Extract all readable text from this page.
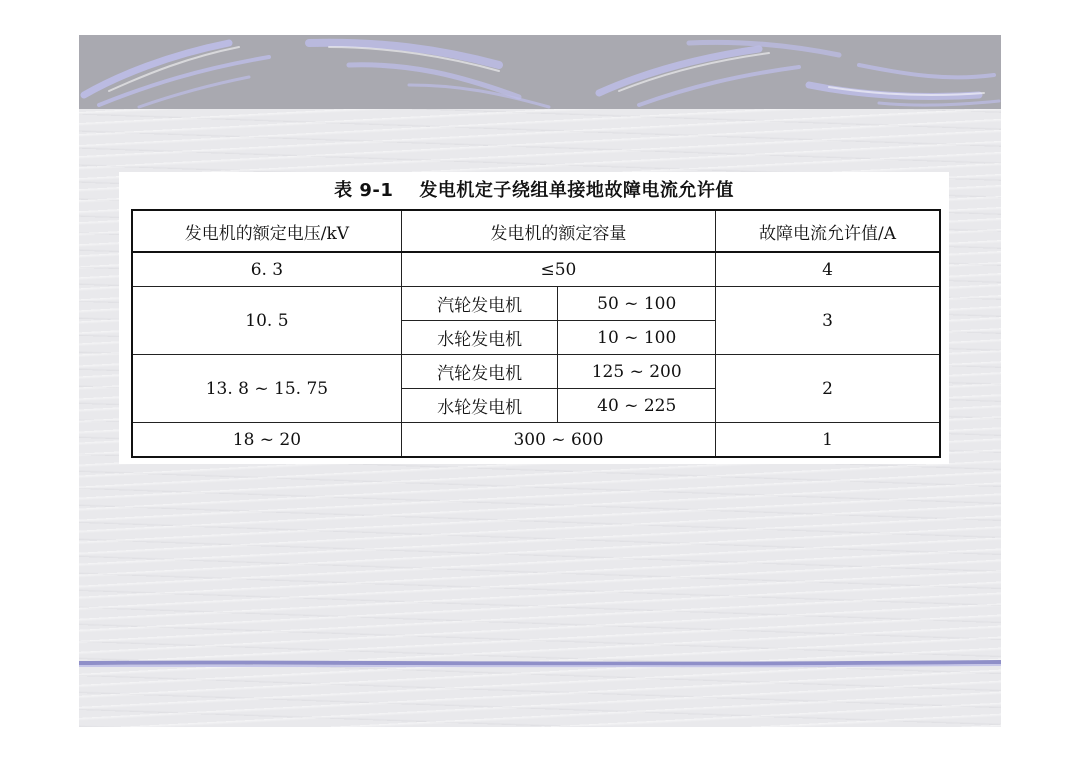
表 9-1 发电机定子绕组单接地故障电流允许值
发电机的额定电压/kV	发电机的额定容量		故障电流允许值/A
6. 3	≤50		4
10. 5	汽轮发电机	50 ~ 100	3
	水轮发电机	10 ~ 100	
13. 8 ~ 15. 75	汽轮发电机	125 ~ 200	2
	水轮发电机	40 ~ 225	
18 ~ 20	300 ~ 600		1
